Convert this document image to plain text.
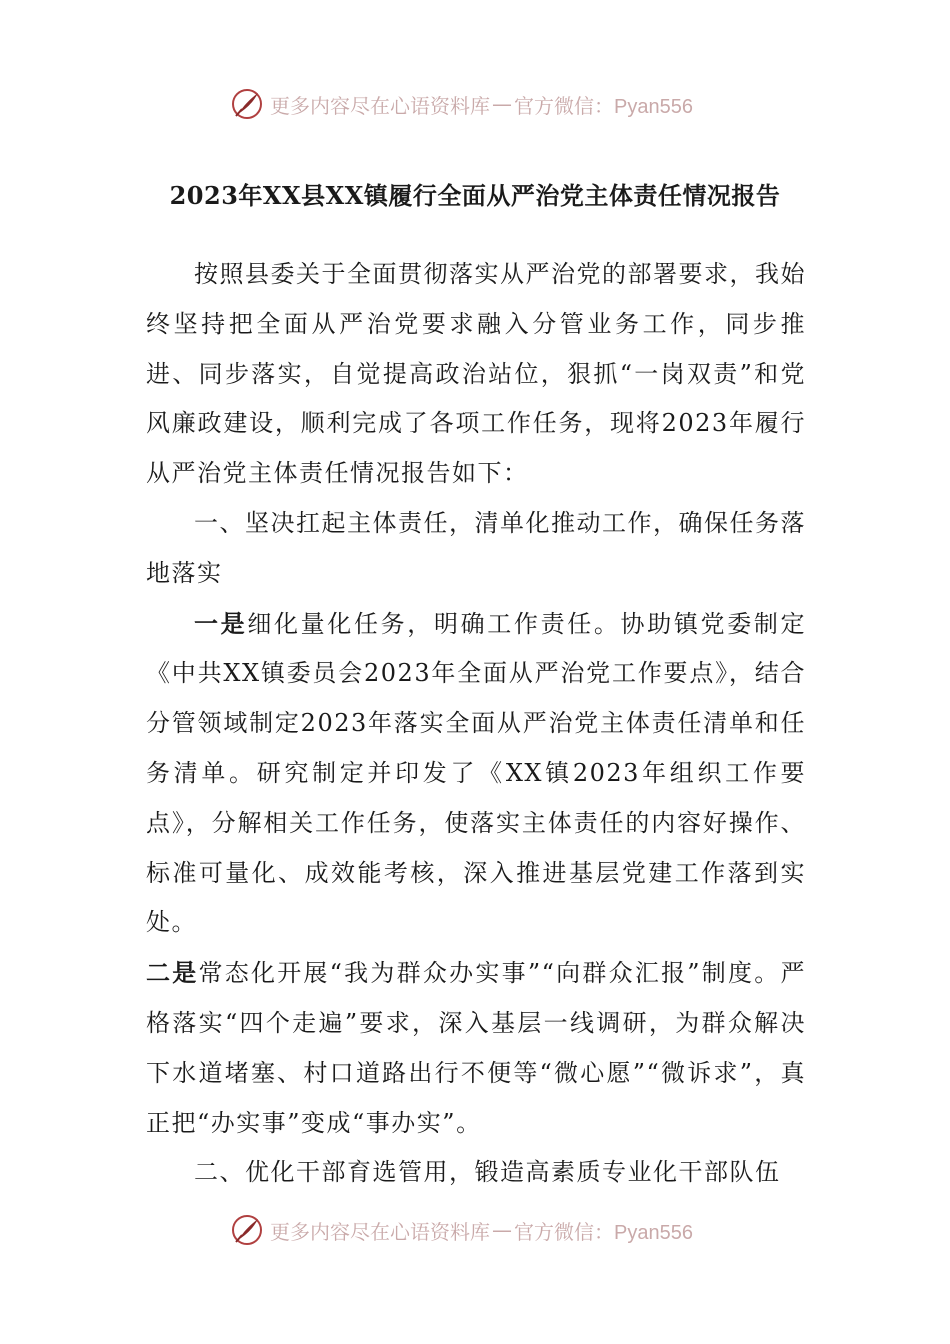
更多内容尽在心语资料库 — 官方微信：Pyan556
2023年XX县XX镇履行全面从严治党主体责任情况报告

按照县委关于全面贯彻落实从严治党的部署要求，我始终坚持把全面从严治党要求融入分管业务工作，同步推进、同步落实，自觉提高政治站位，狠抓“一岗双责”和党风廉政建设，顺利完成了各项工作任务，现将2023年履行从严治党主体责任情况报告如下：

一、坚决扛起主体责任，清单化推动工作，确保任务落地落实

一是细化量化任务，明确工作责任。协助镇党委制定《中共XX镇委员会2023年全面从严治党工作要点》，结合分管领域制定2023年落实全面从严治党主体责任清单和任务清单。研究制定并印发了《XX镇2023年组织工作要点》，分解相关工作任务，使落实主体责任的内容好操作、标准可量化、成效能考核，深入推进基层党建工作落到实处。

二是常态化开展“我为群众办实事”“向群众汇报”制度。严格落实“四个走遍”要求，深入基层一线调研，为群众解决下水道堵塞、村口道路出行不便等“微心愿”“微诉求”，真正把“办实事”变成“事办实”。

二、优化干部育选管用，锻造高素质专业化干部队伍

更多内容尽在心语资料库 — 官方微信：Pyan556
